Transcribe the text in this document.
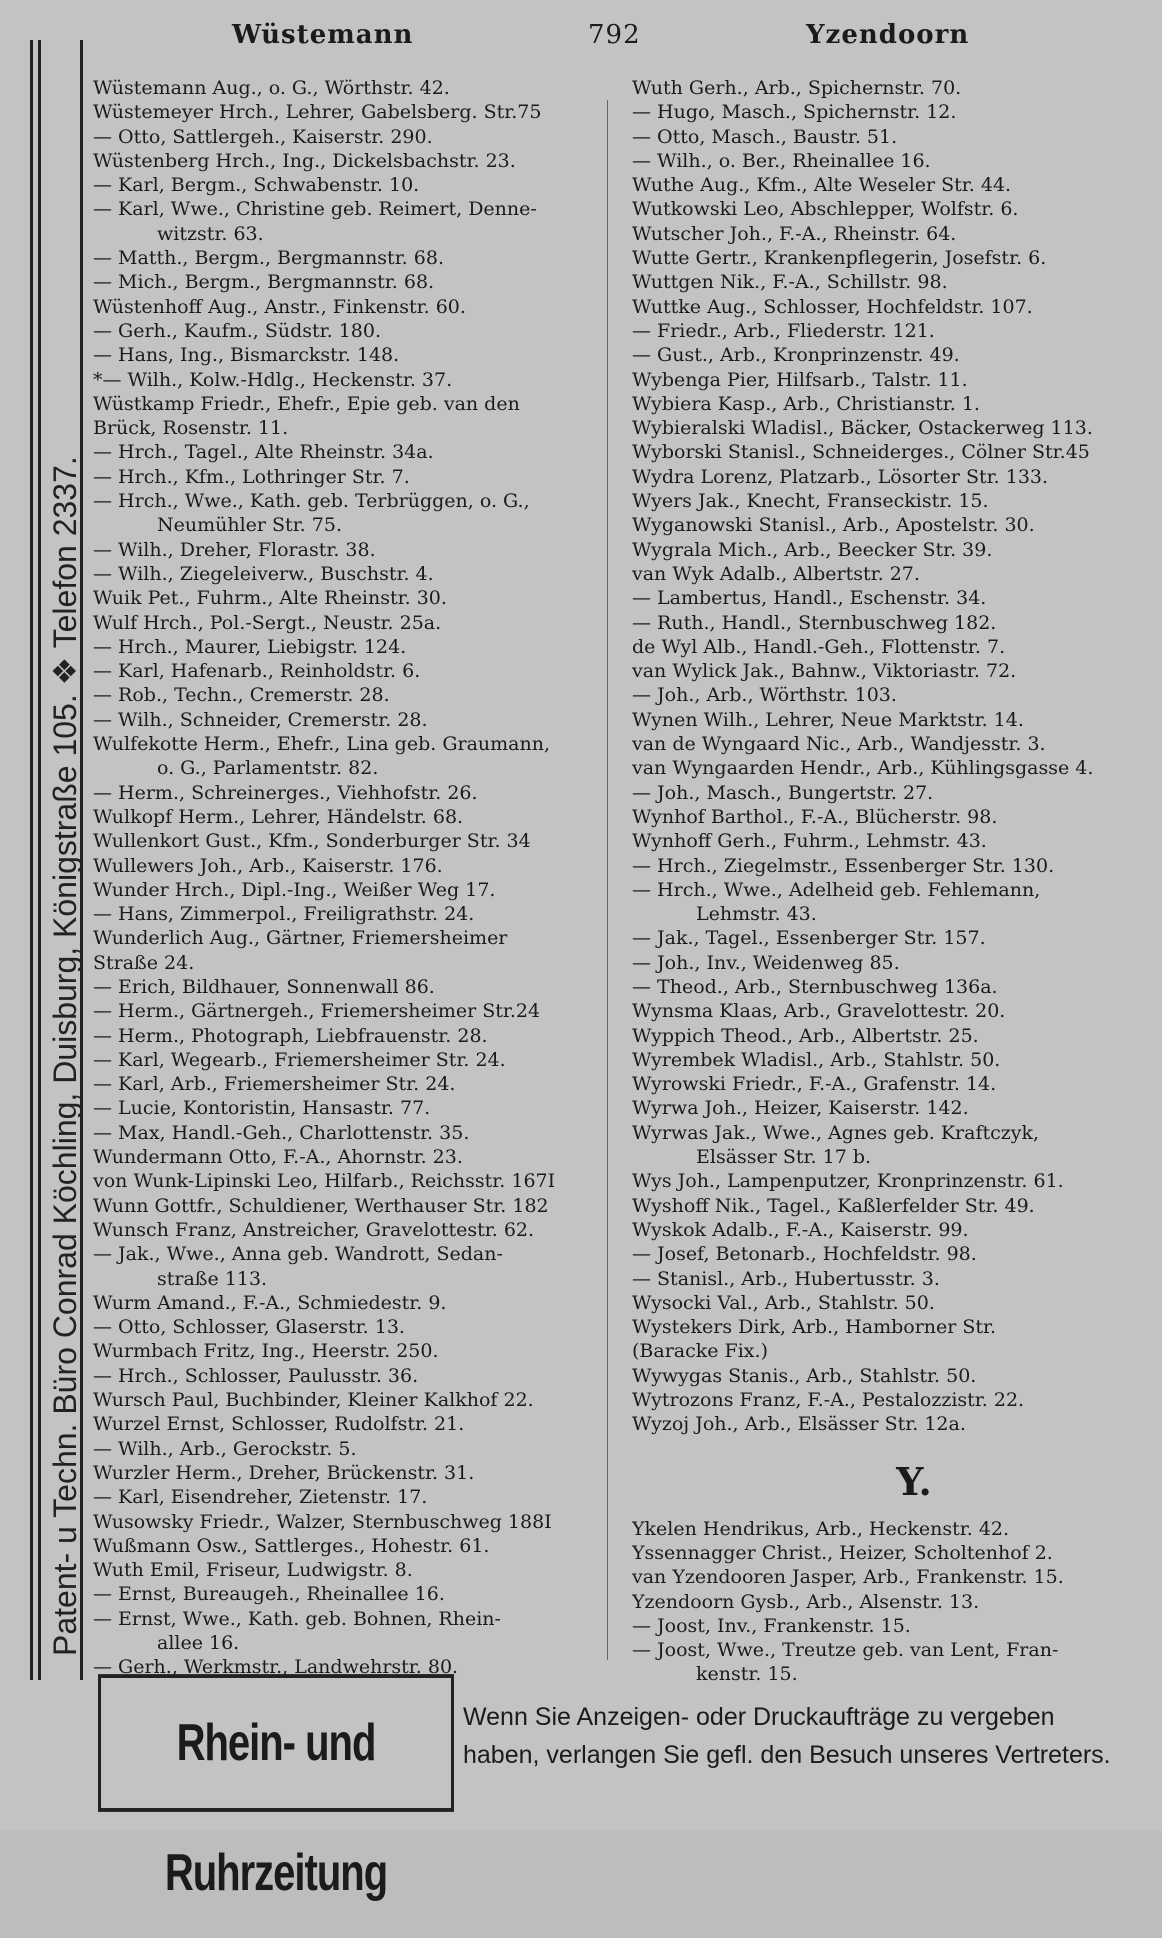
Patent- u Techn. Büro Conrad Köchling, Duisburg, Königstraße 105. ❖ Telefon 2337.
Wüstemann	792	Yzendoorn
Wüstemann Aug., o. G., Wörthstr. 42.
Wüstemeyer Hrch., Lehrer, Gabelsberg. Str.75
— Otto, Sattlergeh., Kaiserstr. 290.
Wüstenberg Hrch., Ing., Dickelsbachstr. 23.
— Karl, Bergm., Schwabenstr. 10.
— Karl, Wwe., Christine geb. Reimert, Denne-
witzstr. 63.
— Matth., Bergm., Bergmannstr. 68.
— Mich., Bergm., Bergmannstr. 68.
Wüstenhoff Aug., Anstr., Finkenstr. 60.
— Gerh., Kaufm., Südstr. 180.
— Hans, Ing., Bismarckstr. 148.
*— Wilh., Kolw.-Hdlg., Heckenstr. 37.
Wüstkamp Friedr., Ehefr., Epie geb. van den
Brück, Rosenstr. 11.
— Hrch., Tagel., Alte Rheinstr. 34a.
— Hrch., Kfm., Lothringer Str. 7.
— Hrch., Wwe., Kath. geb. Terbrüggen, o. G.,
Neumühler Str. 75.
— Wilh., Dreher, Florastr. 38.
— Wilh., Ziegeleiverw., Buschstr. 4.
Wuik Pet., Fuhrm., Alte Rheinstr. 30.
Wulf Hrch., Pol.-Sergt., Neustr. 25a.
— Hrch., Maurer, Liebigstr. 124.
— Karl, Hafenarb., Reinholdstr. 6.
— Rob., Techn., Cremerstr. 28.
— Wilh., Schneider, Cremerstr. 28.
Wulfekotte Herm., Ehefr., Lina geb. Graumann,
o. G., Parlamentstr. 82.
— Herm., Schreinerges., Viehhofstr. 26.
Wulkopf Herm., Lehrer, Händelstr. 68.
Wullenkort Gust., Kfm., Sonderburger Str. 34
Wullewers Joh., Arb., Kaiserstr. 176.
Wunder Hrch., Dipl.-Ing., Weißer Weg 17.
— Hans, Zimmerpol., Freiligrathstr. 24.
Wunderlich Aug., Gärtner, Friemersheimer
Straße 24.
— Erich, Bildhauer, Sonnenwall 86.
— Herm., Gärtnergeh., Friemersheimer Str.24
— Herm., Photograph, Liebfrauenstr. 28.
— Karl, Wegearb., Friemersheimer Str. 24.
— Karl, Arb., Friemersheimer Str. 24.
— Lucie, Kontoristin, Hansastr. 77.
— Max, Handl.-Geh., Charlottenstr. 35.
Wundermann Otto, F.-A., Ahornstr. 23.
von Wunk-Lipinski Leo, Hilfarb., Reichsstr. 167I
Wunn Gottfr., Schuldiener, Werthauser Str. 182
Wunsch Franz, Anstreicher, Gravelottestr. 62.
— Jak., Wwe., Anna geb. Wandrott, Sedan-
straße 113.
Wurm Amand., F.-A., Schmiedestr. 9.
— Otto, Schlosser, Glaserstr. 13.
Wurmbach Fritz, Ing., Heerstr. 250.
— Hrch., Schlosser, Paulusstr. 36.
Wursch Paul, Buchbinder, Kleiner Kalkhof 22.
Wurzel Ernst, Schlosser, Rudolfstr. 21.
— Wilh., Arb., Gerockstr. 5.
Wurzler Herm., Dreher, Brückenstr. 31.
— Karl, Eisendreher, Zietenstr. 17.
Wusowsky Friedr., Walzer, Sternbuschweg 188I
Wußmann Osw., Sattlerges., Hohestr. 61.
Wuth Emil, Friseur, Ludwigstr. 8.
— Ernst, Bureaugeh., Rheinallee 16.
— Ernst, Wwe., Kath. geb. Bohnen, Rhein-
allee 16.
— Gerh., Werkmstr., Landwehrstr. 80.
Wuth Gerh., Arb., Spichernstr. 70.
— Hugo, Masch., Spichernstr. 12.
— Otto, Masch., Baustr. 51.
— Wilh., o. Ber., Rheinallee 16.
Wuthe Aug., Kfm., Alte Weseler Str. 44.
Wutkowski Leo, Abschlepper, Wolfstr. 6.
Wutscher Joh., F.-A., Rheinstr. 64.
Wutte Gertr., Krankenpflegerin, Josefstr. 6.
Wuttgen Nik., F.-A., Schillstr. 98.
Wuttke Aug., Schlosser, Hochfeldstr. 107.
— Friedr., Arb., Fliederstr. 121.
— Gust., Arb., Kronprinzenstr. 49.
Wybenga Pier, Hilfsarb., Talstr. 11.
Wybiera Kasp., Arb., Christianstr. 1.
Wybieralski Wladisl., Bäcker, Ostackerweg 113.
Wyborski Stanisl., Schneiderges., Cölner Str.45
Wydra Lorenz, Platzarb., Lösorter Str. 133.
Wyers Jak., Knecht, Franseckistr. 15.
Wyganowski Stanisl., Arb., Apostelstr. 30.
Wygrala Mich., Arb., Beecker Str. 39.
van Wyk Adalb., Albertstr. 27.
— Lambertus, Handl., Eschenstr. 34.
— Ruth., Handl., Sternbuschweg 182.
de Wyl Alb., Handl.-Geh., Flottenstr. 7.
van Wylick Jak., Bahnw., Viktoriastr. 72.
— Joh., Arb., Wörthstr. 103.
Wynen Wilh., Lehrer, Neue Marktstr. 14.
van de Wyngaard Nic., Arb., Wandjesstr. 3.
van Wyngaarden Hendr., Arb., Kühlingsgasse 4.
— Joh., Masch., Bungertstr. 27.
Wynhof Barthol., F.-A., Blücherstr. 98.
Wynhoff Gerh., Fuhrm., Lehmstr. 43.
— Hrch., Ziegelmstr., Essenberger Str. 130.
— Hrch., Wwe., Adelheid geb. Fehlemann,
Lehmstr. 43.
— Jak., Tagel., Essenberger Str. 157.
— Joh., Inv., Weidenweg 85.
— Theod., Arb., Sternbuschweg 136a.
Wynsma Klaas, Arb., Gravelottestr. 20.
Wyppich Theod., Arb., Albertstr. 25.
Wyrembek Wladisl., Arb., Stahlstr. 50.
Wyrowski Friedr., F.-A., Grafenstr. 14.
Wyrwa Joh., Heizer, Kaiserstr. 142.
Wyrwas Jak., Wwe., Agnes geb. Kraftczyk,
Elsässer Str. 17 b.
Wys Joh., Lampenputzer, Kronprinzenstr. 61.
Wyshoff Nik., Tagel., Kaßlerfelder Str. 49.
Wyskok Adalb., F.-A., Kaiserstr. 99.
— Josef, Betonarb., Hochfeldstr. 98.
— Stanisl., Arb., Hubertusstr. 3.
Wysocki Val., Arb., Stahlstr. 50.
Wystekers Dirk, Arb., Hamborner Str.
(Baracke Fix.)
Wywygas Stanis., Arb., Stahlstr. 50.
Wytrozons Franz, F.-A., Pestalozzistr. 22.
Wyzoj Joh., Arb., Elsässer Str. 12a.
Y.
Ykelen Hendrikus, Arb., Heckenstr. 42.
Yssennagger Christ., Heizer, Scholtenhof 2.
van Yzendooren Jasper, Arb., Frankenstr. 15.
Yzendoorn Gysb., Arb., Alsenstr. 13.
— Joost, Inv., Frankenstr. 15.
— Joost, Wwe., Treutze geb. van Lent, Fran-
kenstr. 15.
Rhein- und Ruhrzeitung
Wenn Sie Anzeigen- oder Druckaufträge zu vergeben
haben, verlangen Sie gefl. den Besuch unseres Vertreters.
